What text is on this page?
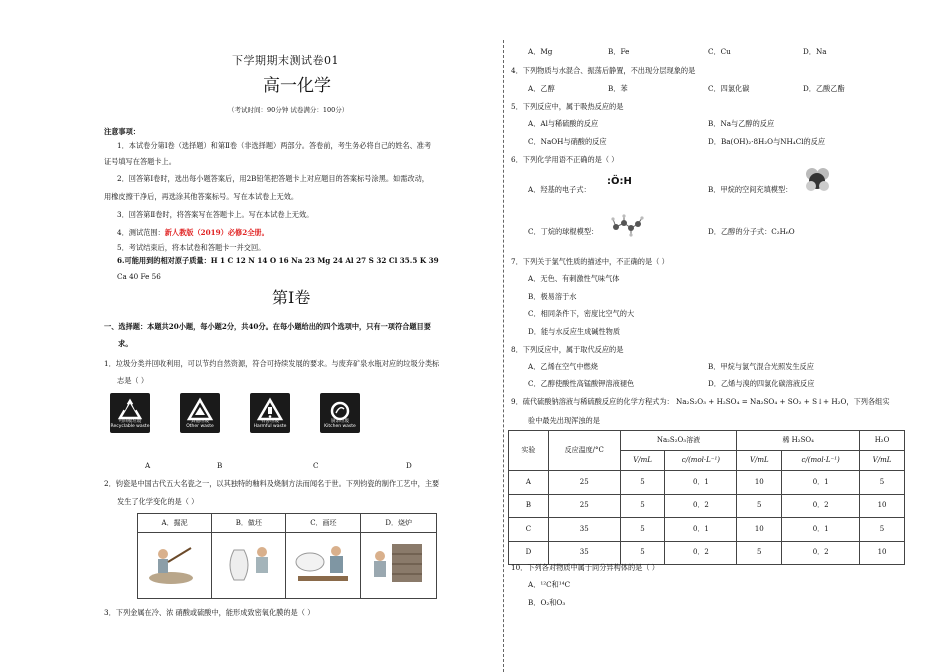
下学期期末测试卷01
高一化学
（考试时间：90分钟 试卷满分：100分）
注意事项：
1．本试卷分第Ⅰ卷（选择题）和第Ⅱ卷（非选择题）两部分。答卷前，考生务必将自己的姓名、准考
证号填写在答题卡上。
2．回答第Ⅰ卷时，选出每小题答案后，用2B铅笔把答题卡上对应题目的答案标号涂黑。如需改动，
用橡皮擦干净后，再选涂其他答案标号。写在本试卷上无效。
3．回答第Ⅱ卷时，将答案写在答题卡上。写在本试卷上无效。
4．测试范围：新人教版（2019）必修2全册。
5．考试结束后，将本试卷和答题卡一并交回。
6.可能用到的相对原子质量：H 1 C 12 N 14 O 16 Na 23 Mg 24 Al 27 S 32 Cl 35.5 K 39
Ca 40 Fe 56
第Ⅰ卷
一、选择题：本题共20小题，每小题2分，共40分。在每小题给出的四个选项中，只有一项符合题目要
求。
1．垃圾分类并回收利用，可以节约自然资源，符合可持续发展的要求。与废弃矿泉水瓶对应的垃圾分类标
志是（ ）
可回收垃圾
Recyclable waste
其他垃圾
Other waste
有害垃圾
Harmful waste
厨余垃圾
Kitchen waste
A	B	C	D
2．钧瓷是中国古代五大名瓷之一，以其独特的釉料及烧制方法而闻名于世。下列钧瓷的制作工艺中，主要
发生了化学变化的是（ ）
A．掘泥	B．做坯	C．画坯	D．烧炉

3．下列金属在冷、浓 硝酸或硫酸中，能形成致密氧化膜的是（ ）
A．Mg	B．Fe	C．Cu	D．Na
4．下列物质与水混合、振荡后静置，不出现分层现象的是
A．乙醇	B．苯	C．四氯化碳	D．乙酸乙酯
5．下列反应中，属于吸热反应的是
A．Al与稀硫酸的反应	B．Na与乙醇的反应
C．NaOH与硝酸的反应	D．Ba(OH)₂·8H₂O与NH₄Cl的反应
6．下列化学用语不正确的是（ ）
A．羟基的电子式：
:Ö:H
B．甲烷的空间充填模型：
C．丁烷的球棍模型：	D．乙醇的分子式：C₂H₆O
7．下列关于氯气性质的描述中，不正确的是（ ）
A．无色、有刺激性气味气体
B．极易溶于水
C．相同条件下，密度比空气的大
D．能与水反应生成碱性物质
8．下列反应中，属于取代反应的是
A．乙烯在空气中燃烧	B．甲烷与氯气混合光照发生反应
C．乙醇使酸性高锰酸钾溶液褪色	D．乙烯与溴的四氯化碳溶液反应
9．硫代硫酸钠溶液与稀硫酸反应的化学方程式为： Na₂S₂O₃ + H₂SO₄ = Na₂SO₄ + SO₂ + S↓+ H₂O，下列各组实
验中最先出现浑浊的是
实验	反应温度/°C	Na₂S₂O₃溶液		稀 H₂SO₄		H₂O
		V/mL	c/(mol·L⁻¹)	V/mL	c/(mol·L⁻¹)	V/mL
A	25	5	0．1	10	0．1	5
B	25	5	0．2	5	0．2	10
C	35	5	0．1	10	0．1	5
D	35	5	0．2	5	0．2	10
10．下列各对物质中属于同分异构体的是（ ）
A．¹²C和¹⁴C
B．O₂和O₃
